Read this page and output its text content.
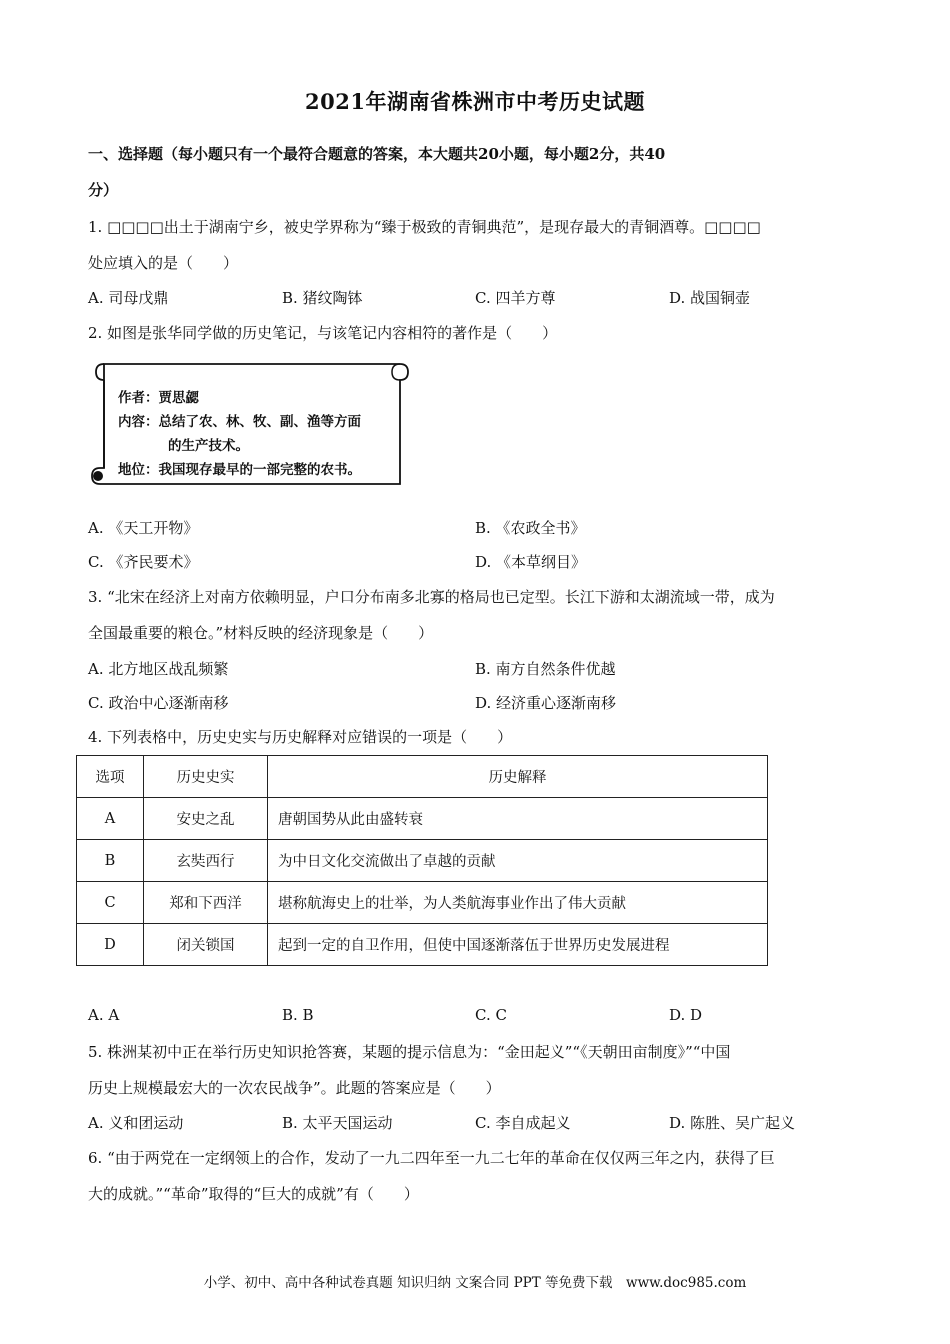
2021年湖南省株洲市中考历史试题
一、选择题（每小题只有一个最符合题意的答案，本大题共20小题，每小题2分，共40
分）
1. □□□□出土于湖南宁乡，被史学界称为“臻于极致的青铜典范”，是现存最大的青铜酒尊。□□□□
处应填入的是（　　）
A. 司母戊鼎	B. 猪纹陶钵	C. 四羊方尊	D. 战国铜壶
2. 如图是张华同学做的历史笔记，与该笔记内容相符的著作是（　　）
作者：贾思勰
内容：总结了农、林、牧、副、渔等方面
的生产技术。
地位：我国现存最早的一部完整的农书。
A. 《天工开物》	B. 《农政全书》
C. 《齐民要术》	D. 《本草纲目》
3. “北宋在经济上对南方依赖明显，户口分布南多北寡的格局也已定型。长江下游和太湖流域一带，成为
全国最重要的粮仓。”材料反映的经济现象是（　　）
A. 北方地区战乱频繁	B. 南方自然条件优越
C. 政治中心逐渐南移	D. 经济重心逐渐南移
4. 下列表格中，历史史实与历史解释对应错误的一项是（　　）
选项	历史史实	历史解释
A	安史之乱	唐朝国势从此由盛转衰
B	玄奘西行	为中日文化交流做出了卓越的贡献
C	郑和下西洋	堪称航海史上的壮举，为人类航海事业作出了伟大贡献
D	闭关锁国	起到一定的自卫作用，但使中国逐渐落伍于世界历史发展进程
A. A	B. B	C. C	D. D
5. 株洲某初中正在举行历史知识抢答赛，某题的提示信息为：“金田起义”“《天朝田亩制度》”“中国
历史上规模最宏大的一次农民战争”。此题的答案应是（　　）
A. 义和团运动	B. 太平天国运动	C. 李自成起义	D. 陈胜、吴广起义
6. “由于两党在一定纲领上的合作，发动了一九二四年至一九二七年的革命在仅仅两三年之内，获得了巨
大的成就。”“革命”取得的“巨大的成就”有（　　）
小学、初中、高中各种试卷真题 知识归纳 文案合同 PPT 等免费下载　www.doc985.com
